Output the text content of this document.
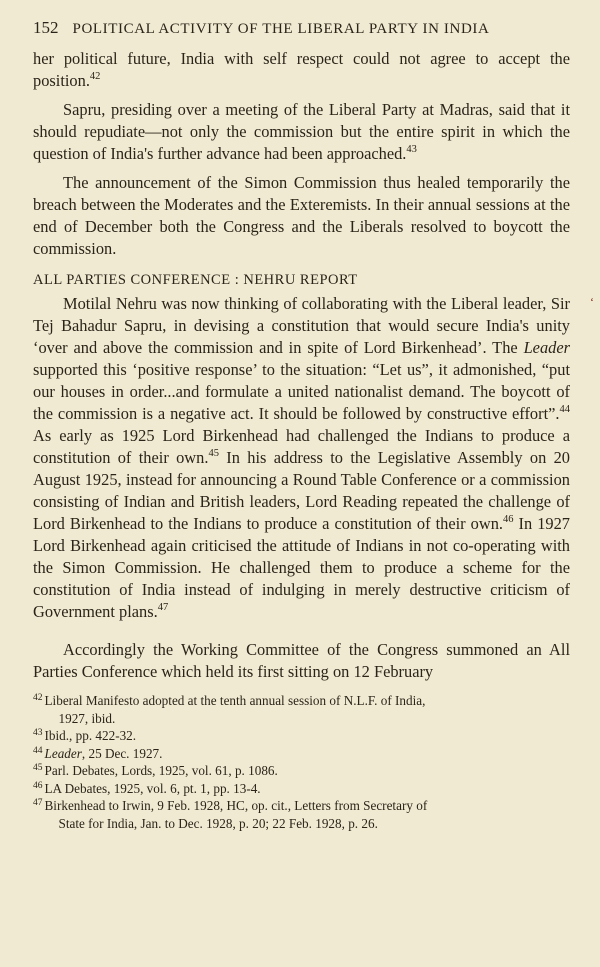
152 POLITICAL ACTIVITY OF THE LIBERAL PARTY IN INDIA

her political future, India with self respect could not agree to accept the position.$^{42}$

Sapru, presiding over a meeting of the Liberal Party at Madras, said that it should repudiate—not only the commission but the entire spirit in which the question of India's further advance had been approached.$^{43}$

The announcement of the Simon Commission thus healed temporarily the breach between the Moderates and the Exteremists. In their annual sessions at the end of December both the Congress and the Liberals resolved to boycott the commission.

ALL PARTIES CONFERENCE : NEHRU REPORT

Motilal Nehru was now thinking of collaborating with the Liberal leader, Sir Tej Bahadur Sapru, in devising a constitution that would secure India's unity ‘over and above the commission and in spite of Lord Birkenhead’. The Leader supported this ‘positive response’ to the situation: “Let us”, it admonished, “put our houses in order...and formulate a united nationalist demand. The boycott of the commission is a negative act. It should be followed by constructive effort”.$^{44}$ As early as 1925 Lord Birkenhead had challenged the Indians to produce a constitution of their own.$^{45}$ In his address to the Legislative Assembly on 20 August 1925, instead for announcing a Round Table Conference or a commission consisting of Indian and British leaders, Lord Reading repeated the challenge of Lord Birkenhead to the Indians to produce a constitution of their own.$^{46}$ In 1927 Lord Birkenhead again criticised the attitude of Indians in not co-operating with the Simon Commission. He challenged them to produce a scheme for the constitution of India instead of indulging in merely destructive criticism of Government plans.$^{47}$

Accordingly the Working Committee of the Congress summoned an All Parties Conference which held its first sitting on 12 February

42 Liberal Manifesto adopted at the tenth annual session of N.L.F. of India,
1927, ibid.
43 Ibid., pp. 422-32.
44 Leader, 25 Dec. 1927.
45 Parl. Debates, Lords, 1925, vol. 61, p. 1086.
46 LA Debates, 1925, vol. 6, pt. 1, pp. 13-4.
47 Birkenhead to Irwin, 9 Feb. 1928, HC, op. cit., Letters from Secretary of
State for India, Jan. to Dec. 1928, p. 20; 22 Feb. 1928, p. 26.
‘
